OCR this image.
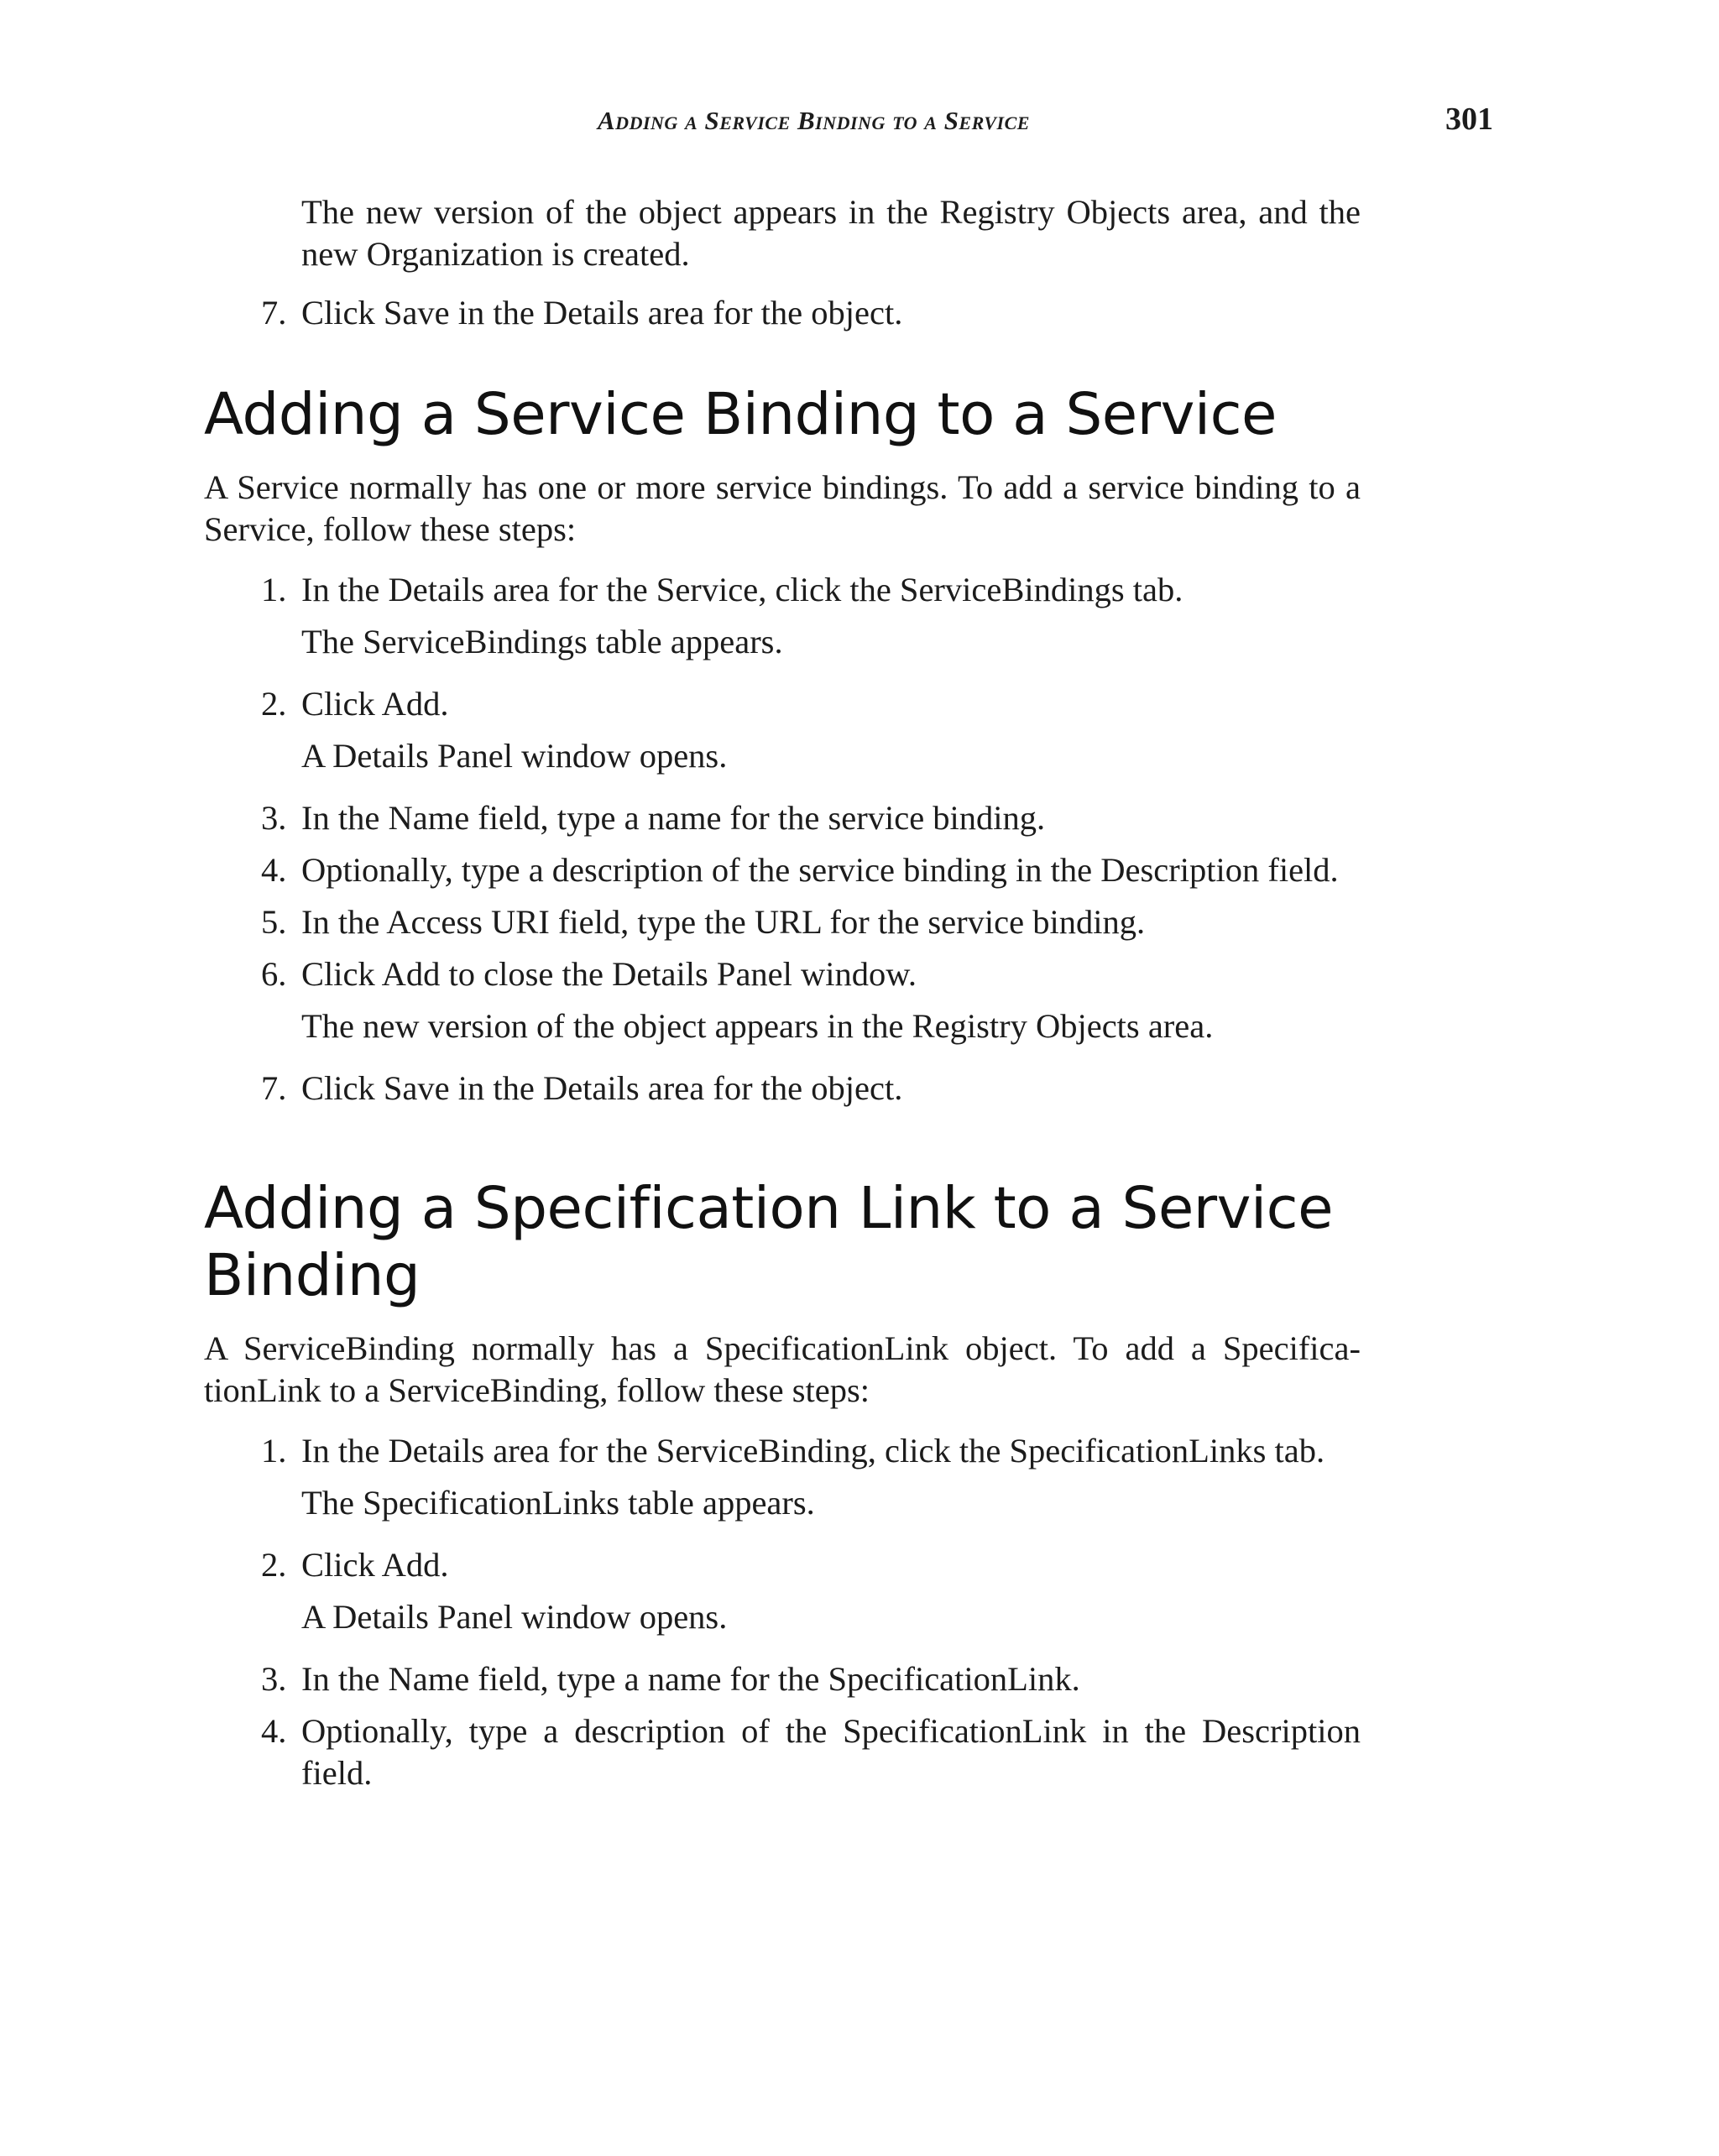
Adding a Service Binding to a Service	301

The new version of the object appears in the Registry Objects area, and the new Organization is created.

7. Click Save in the Details area for the object.
Adding a Service Binding to a Service

A Service normally has one or more service bindings. To add a service binding to a Service, follow these steps:

1. In the Details area for the Service, click the ServiceBindings tab.
The ServiceBindings table appears.
2. Click Add.
A Details Panel window opens.
3. In the Name field, type a name for the service binding.
4. Optionally, type a description of the service binding in the Description field.
5. In the Access URI field, type the URL for the service binding.
6. Click Add to close the Details Panel window.
The new version of the object appears in the Registry Objects area.
7. Click Save in the Details area for the object.
Adding a Specification Link to a Service Binding

A ServiceBinding normally has a SpecificationLink object. To add a Specifica-tionLink to a ServiceBinding, follow these steps:

1. In the Details area for the ServiceBinding, click the SpecificationLinks tab.
The SpecificationLinks table appears.
2. Click Add.
A Details Panel window opens.
3. In the Name field, type a name for the SpecificationLink.
4. Optionally, type a description of the SpecificationLink in the Description field.
